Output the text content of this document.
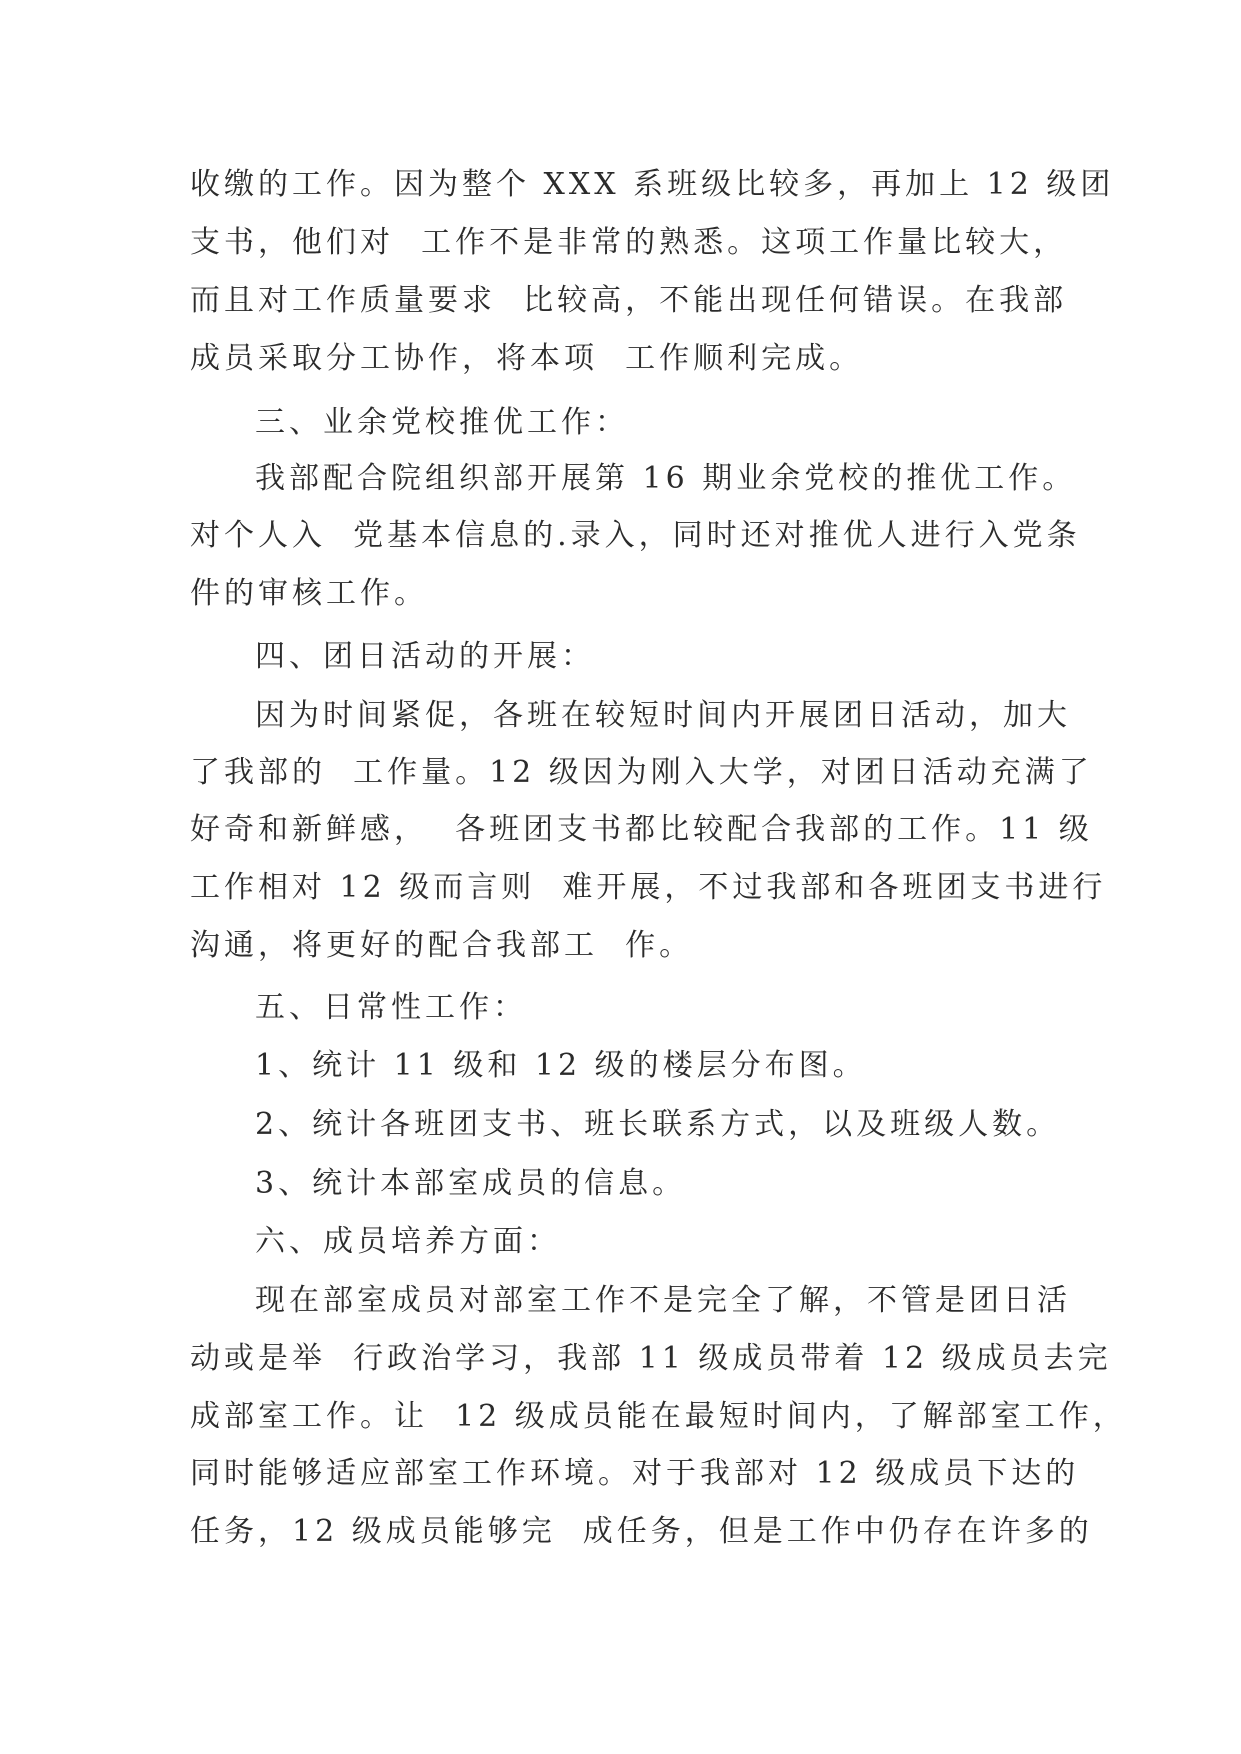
收缴的工作。因为整个 XXX 系班级比较多，再加上 12 级团
支书，他们对  工作不是非常的熟悉。这项工作量比较大，
而且对工作质量要求  比较高，不能出现任何错误。在我部
成员采取分工协作，将本项  工作顺利完成。
三、业余党校推优工作：
我部配合院组织部开展第 16 期业余党校的推优工作。
对个人入  党基本信息的.录入，同时还对推优人进行入党条
件的审核工作。
四、团日活动的开展：
因为时间紧促，各班在较短时间内开展团日活动，加大
了我部的  工作量。12 级因为刚入大学，对团日活动充满了
好奇和新鲜感，  各班团支书都比较配合我部的工作。11 级
工作相对 12 级而言则  难开展，不过我部和各班团支书进行
沟通，将更好的配合我部工  作。
五、日常性工作：
1、统计 11 级和 12 级的楼层分布图。
2、统计各班团支书、班长联系方式，以及班级人数。
3、统计本部室成员的信息。
六、成员培养方面：
现在部室成员对部室工作不是完全了解，不管是团日活
动或是举  行政治学习，我部 11 级成员带着 12 级成员去完
成部室工作。让  12 级成员能在最短时间内，了解部室工作，
同时能够适应部室工作环境。对于我部对 12 级成员下达的
任务，12 级成员能够完  成任务，但是工作中仍存在许多的
